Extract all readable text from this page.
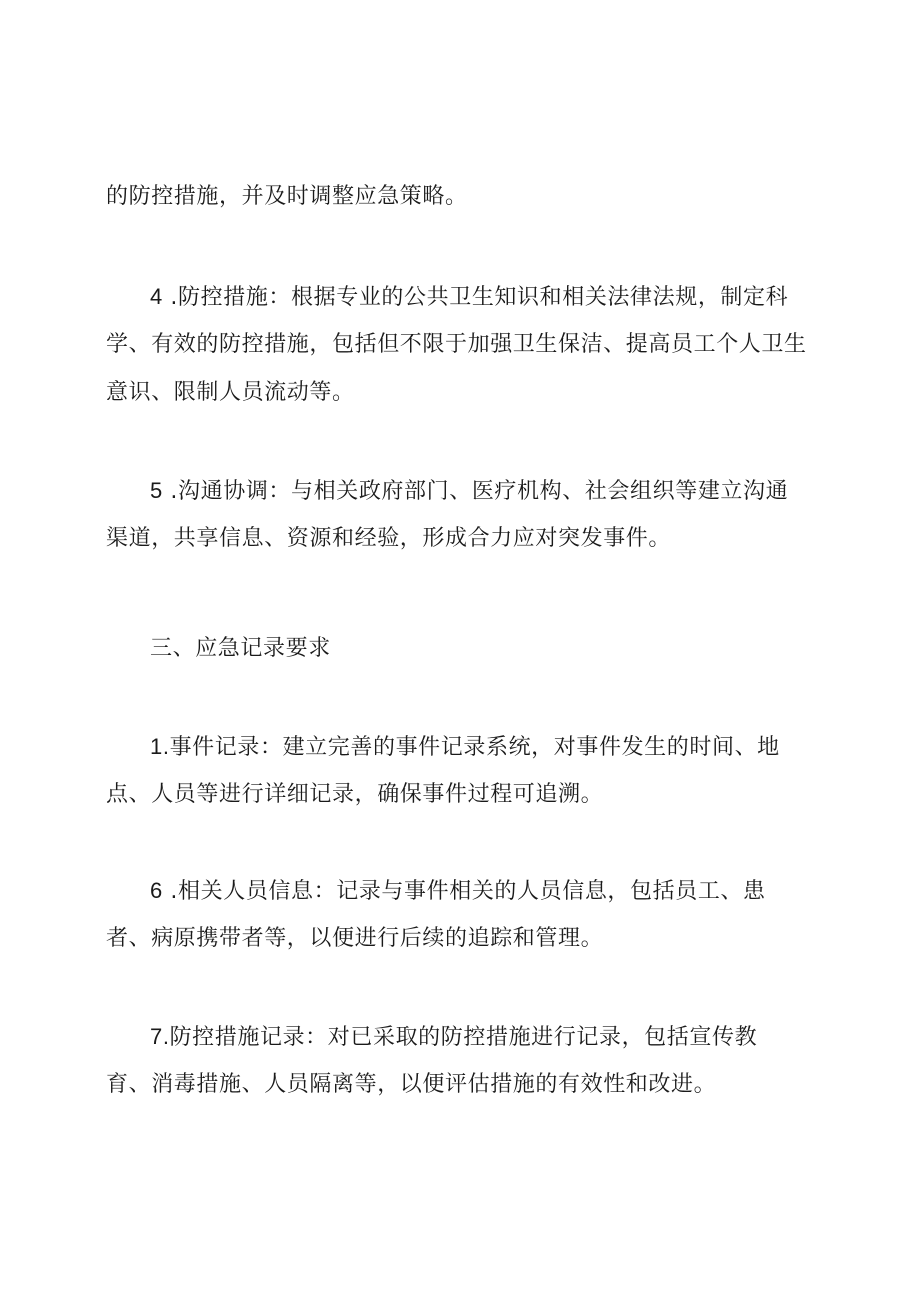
的防控措施，并及时调整应急策略。
4 .防控措施：根据专业的公共卫生知识和相关法律法规，制定科
学、有效的防控措施，包括但不限于加强卫生保洁、提高员工个人卫生
意识、限制人员流动等。
5 .沟通协调：与相关政府部门、医疗机构、社会组织等建立沟通
渠道，共享信息、资源和经验，形成合力应对突发事件。
三、应急记录要求
1.事件记录：建立完善的事件记录系统，对事件发生的时间、地
点、人员等进行详细记录，确保事件过程可追溯。
6 .相关人员信息：记录与事件相关的人员信息，包括员工、患
者、病原携带者等，以便进行后续的追踪和管理。
7.防控措施记录：对已采取的防控措施进行记录，包括宣传教
育、消毒措施、人员隔离等，以便评估措施的有效性和改进。
